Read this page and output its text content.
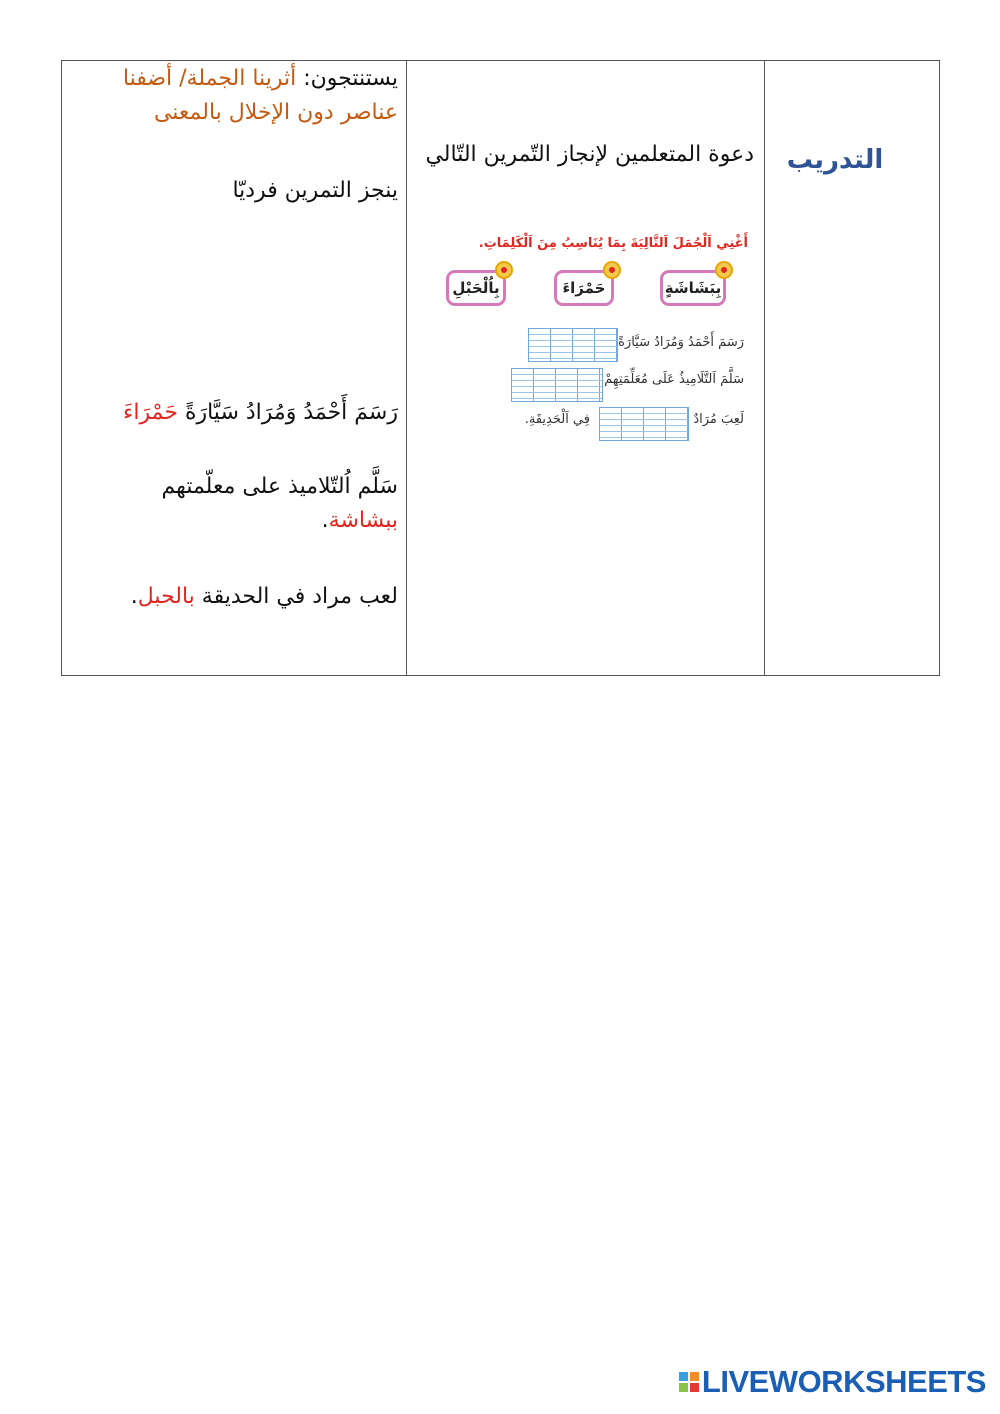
التدريب
دعوة المتعلمين لإنجاز التّمرين التّالي
أَغْنِي اَلْجُمَلَ اَلتَّالِيَةَ بِمَا يُنَاسِبُ مِنَ اَلْكَلِمَاتِ.
بِبَشَاشَةٍ
حَمْرَاءَ
بِاُلْحَبْلِ
رَسَمَ أَحْمَدُ وَمُرَادُ سَيَّارَةً
سَلَّمَ اَلتَّلَامِيذُ عَلَى مُعَلِّمَتِهِمْ
لَعِبَ مُرَادٌ
فِي اَلْحَدِيقَةِ.
يستنتجون: أثرينا الجملة/ أضفنا عناصر دون الإخلال بالمعنى
ينجز التمرين فرديّا
رَسَمَ أَحْمَدُ وَمُرَادُ سَيَّارَةً حَمْرَاءَ
سَلَّم اُلتّلاميذ على معلّمتهم ببشاشة.
لعب مراد في الحديقة بالحبل.
LIVEWORKSHEETS
